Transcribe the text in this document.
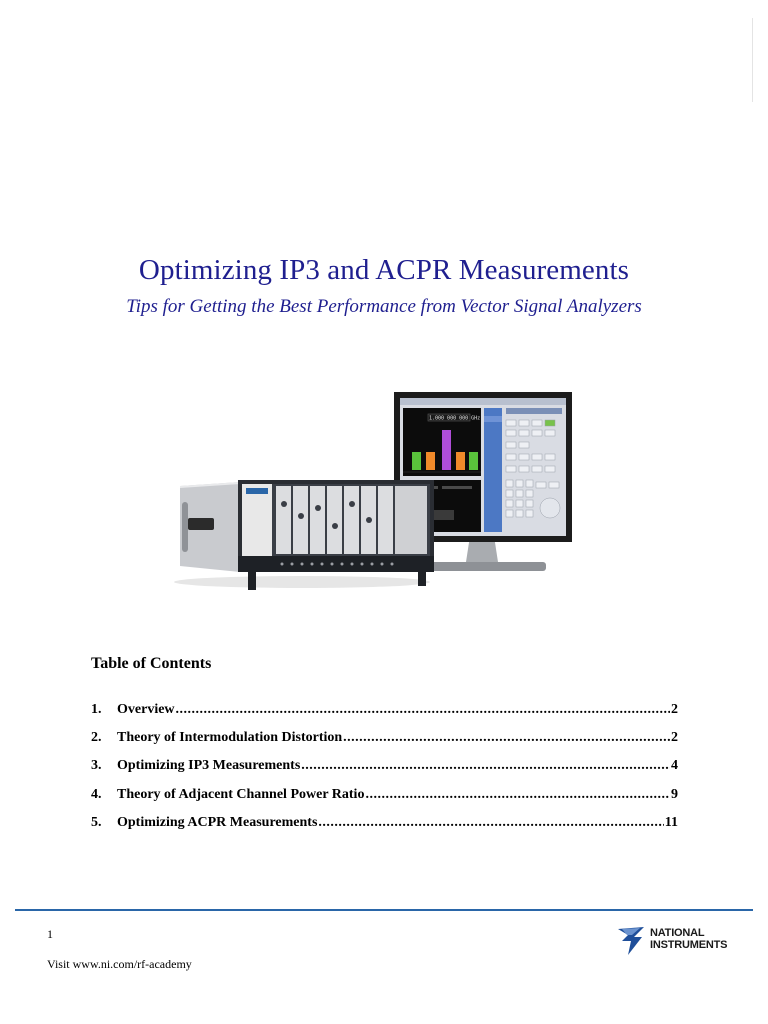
Optimizing IP3 and ACPR Measurements
Tips for Getting the Best Performance from Vector Signal Analyzers
1.000 000 000 GHz
Table of Contents
1.	Overview .....	2
2.	Theory of Intermodulation Distortion .....	2
3.	Optimizing IP3 Measurements .....	4
4.	Theory of Adjacent Channel Power Ratio .....	9
5.	Optimizing ACPR Measurements .....	11
1
Visit www.ni.com/rf-academy
NATIONAL
INSTRUMENTS
